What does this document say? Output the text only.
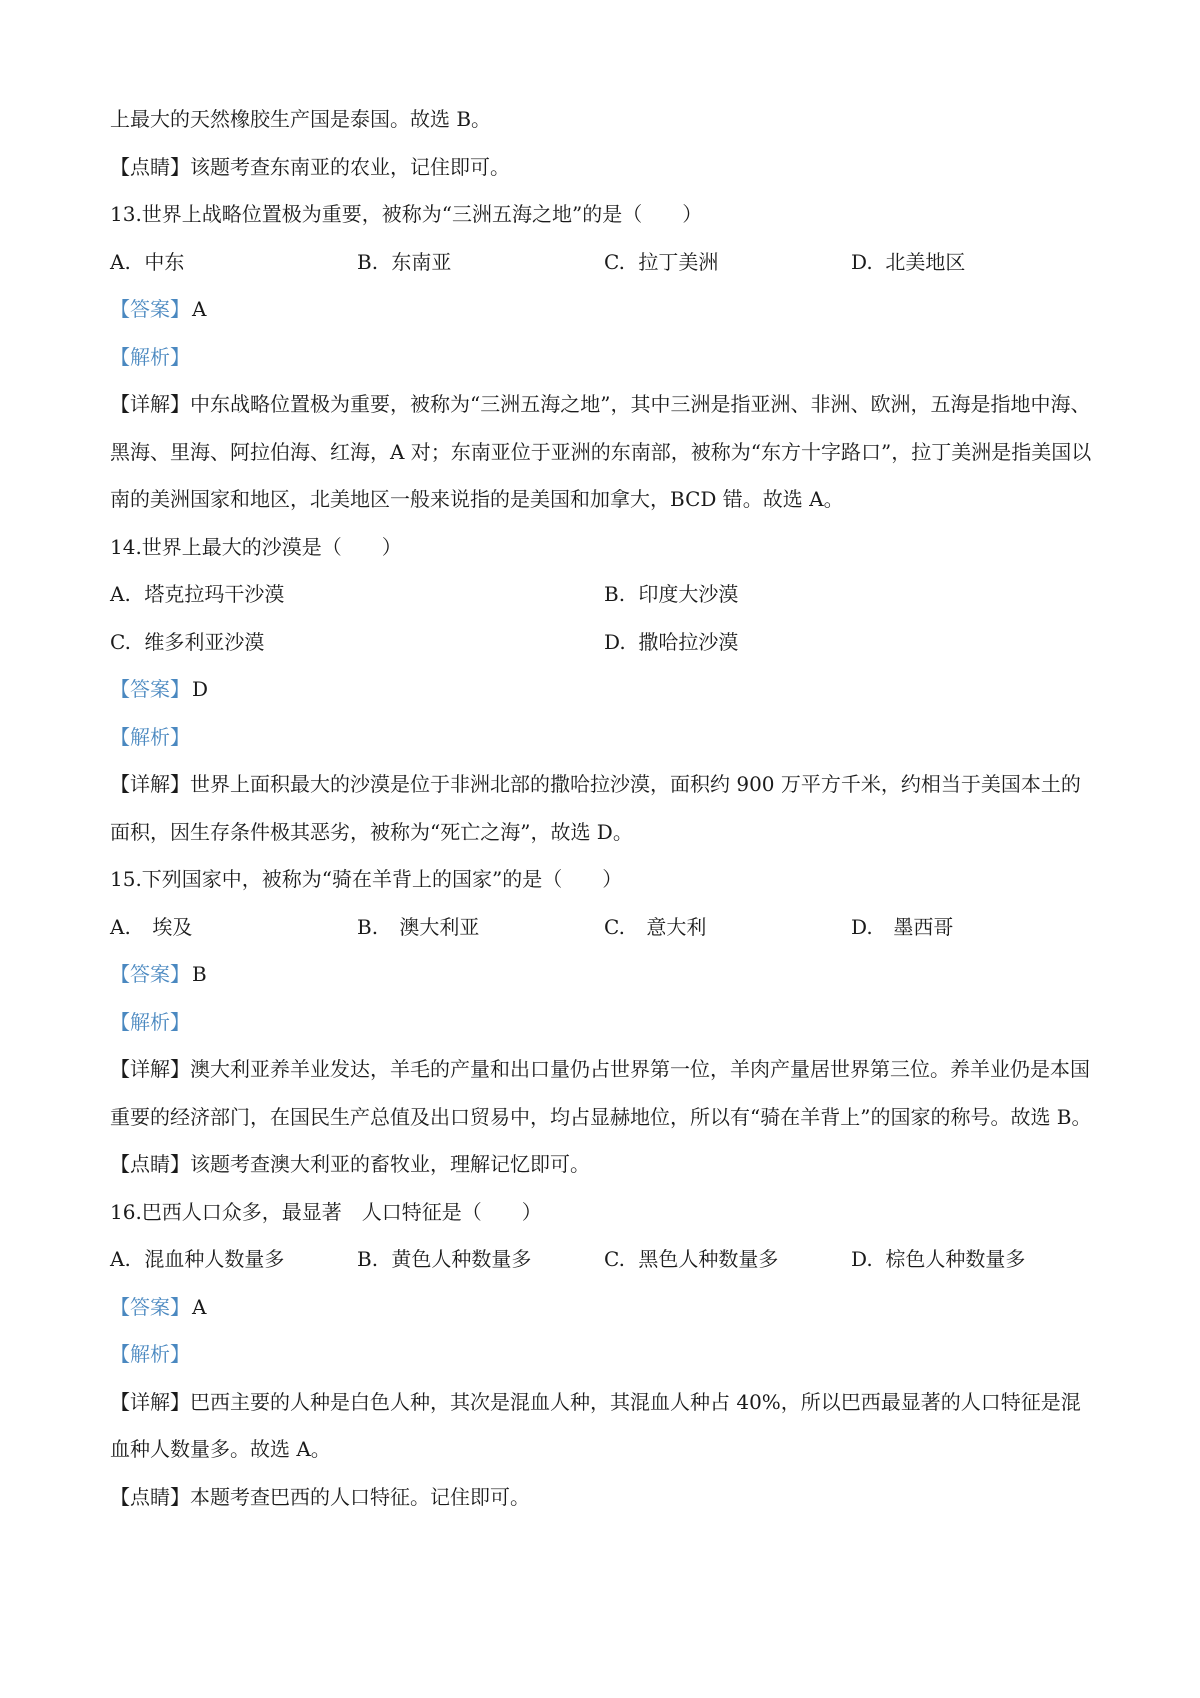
上最大的天然橡胶生产国是泰国。故选 B。
【点睛】该题考查东南亚的农业，记住即可。
13.世界上战略位置极为重要，被称为“三洲五海之地”的是（　　）
A. 中东	B. 东南亚	C. 拉丁美洲	D. 北美地区
【答案】 A
【解析】
【详解】中东战略位置极为重要，被称为“三洲五海之地”，其中三洲是指亚洲、非洲、欧洲，五海是指地中海、黑海、里海、阿拉伯海、红海，A 对；东南亚位于亚洲的东南部，被称为“东方十字路口”，拉丁美洲是指美国以南的美洲国家和地区，北美地区一般来说指的是美国和加拿大，BCD 错。故选 A。
14.世界上最大的沙漠是（　　）
A. 塔克拉玛干沙漠	B. 印度大沙漠
C. 维多利亚沙漠	D. 撒哈拉沙漠
【答案】 D
【解析】
【详解】世界上面积最大的沙漠是位于非洲北部的撒哈拉沙漠，面积约 900 万平方千米，约相当于美国本土的面积，因生存条件极其恶劣，被称为“死亡之海”，故选 D。
15.下列国家中，被称为“骑在羊背上的国家”的是（　　）
A. 埃及	B. 澳大利亚	C. 意大利	D. 墨西哥
【答案】 B
【解析】
【详解】澳大利亚养羊业发达，羊毛的产量和出口量仍占世界第一位，羊肉产量居世界第三位。养羊业仍是本国重要的经济部门，在国民生产总值及出口贸易中，均占显赫地位，所以有“骑在羊背上”的国家的称号。故选 B。
【点睛】该题考查澳大利亚的畜牧业，理解记忆即可。
16.巴西人口众多，最显著　人口特征是（　　）
A. 混血种人数量多	B. 黄色人种数量多	C. 黑色人种数量多	D. 棕色人种数量多
【答案】 A
【解析】
【详解】巴西主要的人种是白色人种，其次是混血人种，其混血人种占 40%，所以巴西最显著的人口特征是混血种人数量多。故选 A。
【点睛】本题考查巴西的人口特征。记住即可。
